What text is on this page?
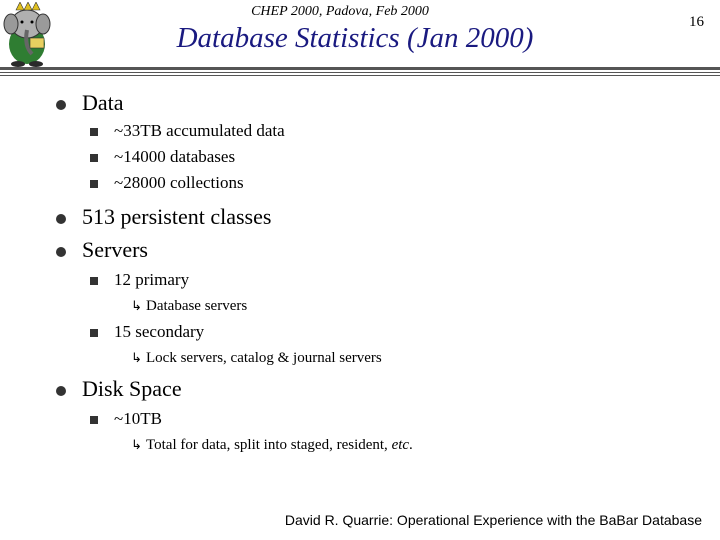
CHEP 2000, Padova, Feb 2000
Database Statistics (Jan 2000)	16
Data
~33TB accumulated data
~14000 databases
~28000 collections
513 persistent classes
Servers
12 primary
↳ Database servers
15 secondary
↳ Lock servers, catalog & journal servers
Disk Space
~10TB
↳ Total for data, split into staged, resident, etc.
David R. Quarrie: Operational Experience with the BaBar Database
